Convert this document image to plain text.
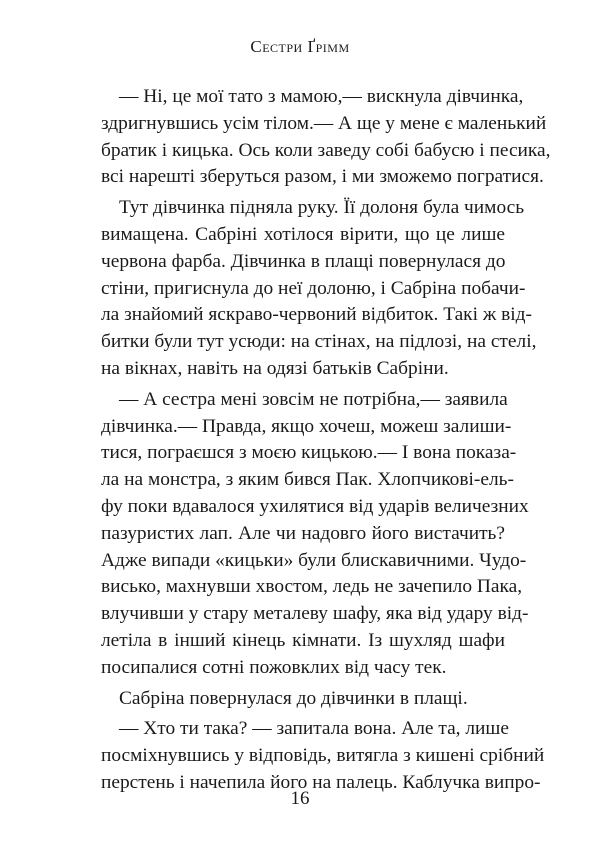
Сестри Ґрімм
— Ні, це мої тато з мамою,— вискнула дівчинка,
здригнувшись усім тілом.— А ще у мене є маленький
братик і кицька. Ось коли заведу собі бабусю і песика,
всі нарешті зберуться разом, і ми зможемо погратися.
Тут дівчинка підняла руку. Її долоня була чимось
вимащена. Сабріні хотілося вірити, що це лише
червона фарба. Дівчинка в плащі повернулася до
стіни, пригиснула до неї долоню, і Сабріна побачи-
ла знайомий яскраво-червоний відбиток. Такі ж від-
битки були тут усюди: на стінах, на підлозі, на стелі,
на вікнах, навіть на одязі батьків Сабріни.
— А сестра мені зовсім не потрібна,— заявила
дівчинка.— Правда, якщо хочеш, можеш залиши-
тися, пограєшся з моєю кицькою.— І вона показа-
ла на монстра, з яким бився Пак. Хлопчикові-ель-
фу поки вдавалося ухилятися від ударів величезних
пазуристих лап. Але чи надовго його вистачить?
Адже випади «кицьки» були блискавичними. Чудо-
висько, махнувши хвостом, ледь не зачепило Пака,
влучивши у стару металеву шафу, яка від удару від-
летіла в інший кінець кімнати. Із шухляд шафи
посипалися сотні пожовклих від часу тек.
Сабріна повернулася до дівчинки в плащі.
— Хто ти така? — запитала вона. Але та, лише
посміхнувшись у відповідь, витягла з кишені срібний
перстень і начепила його на палець. Каблучка випро-
16
